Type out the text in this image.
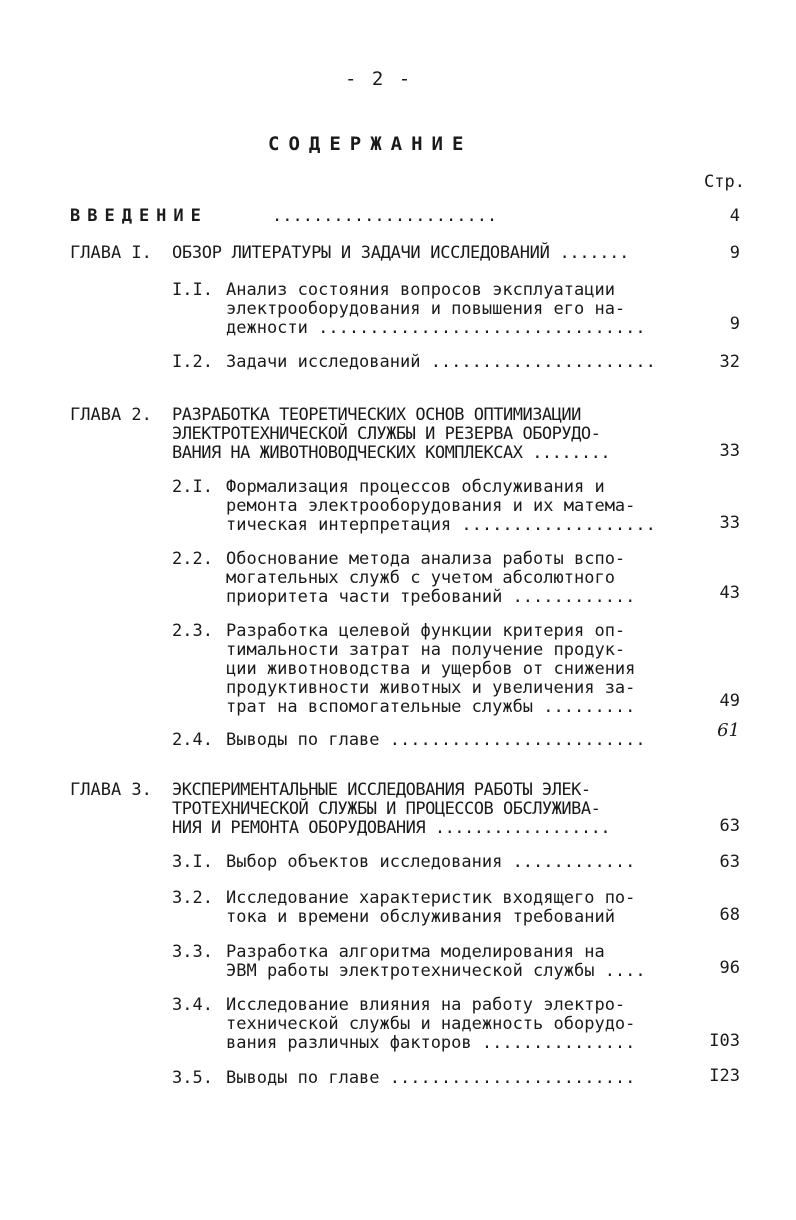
- 2 -
СОДЕРЖАНИЕ
Стр.
ВВЕДЕНИЕ	......................	4
ГЛАВА I. ОБЗОР ЛИТЕРАТУРЫ И ЗАДАЧИ ИССЛЕДОВАНИЙ .......	9
I.I. Анализ состояния вопросов эксплуатации
электрооборудования и повышения его на-
дежности ................................	9
I.2. Задачи исследований ......................	32
ГЛАВА 2. РАЗРАБОТКА ТЕОРЕТИЧЕСКИХ ОСНОВ ОПТИМИЗАЦИИ
ЭЛЕКТРОТЕХНИЧЕСКОЙ СЛУЖБЫ И РЕЗЕРВА ОБОРУДО-
ВАНИЯ НА ЖИВОТНОВОДЧЕСКИХ КОМПЛЕКСАХ ........	33
2.I. Формализация процессов обслуживания и
ремонта электрооборудования и их матема-
тическая интерпретация ...................	33
2.2. Обоснование метода анализа работы вспо-
могательных служб с учетом абсолютного
приоритета части требований ............	43
2.3. Разработка целевой функции критерия оп-
тимальности затрат на получение продук-
ции животноводства и ущербов от снижения
продуктивности животных и увеличения за-
трат на вспомогательные службы .........	49
2.4. Выводы по главе .........................	61
ГЛАВА 3. ЭКСПЕРИМЕНТАЛЬНЫЕ ИССЛЕДОВАНИЯ РАБОТЫ ЭЛЕК-
ТРОТЕХНИЧЕСКОЙ СЛУЖБЫ И ПРОЦЕССОВ ОБСЛУЖИВА-
НИЯ И РЕМОНТА ОБОРУДОВАНИЯ ..................	63
3.I. Выбор объектов исследования ............	63
3.2. Исследование характеристик входящего по-
тока и времени обслуживания требований	68
3.3. Разработка алгоритма моделирования на
ЭВМ работы электротехнической службы ....	96
3.4. Исследование влияния на работу электро-
технической службы и надежность оборудо-
вания различных факторов ...............	I03
3.5. Выводы по главе ........................	I23
